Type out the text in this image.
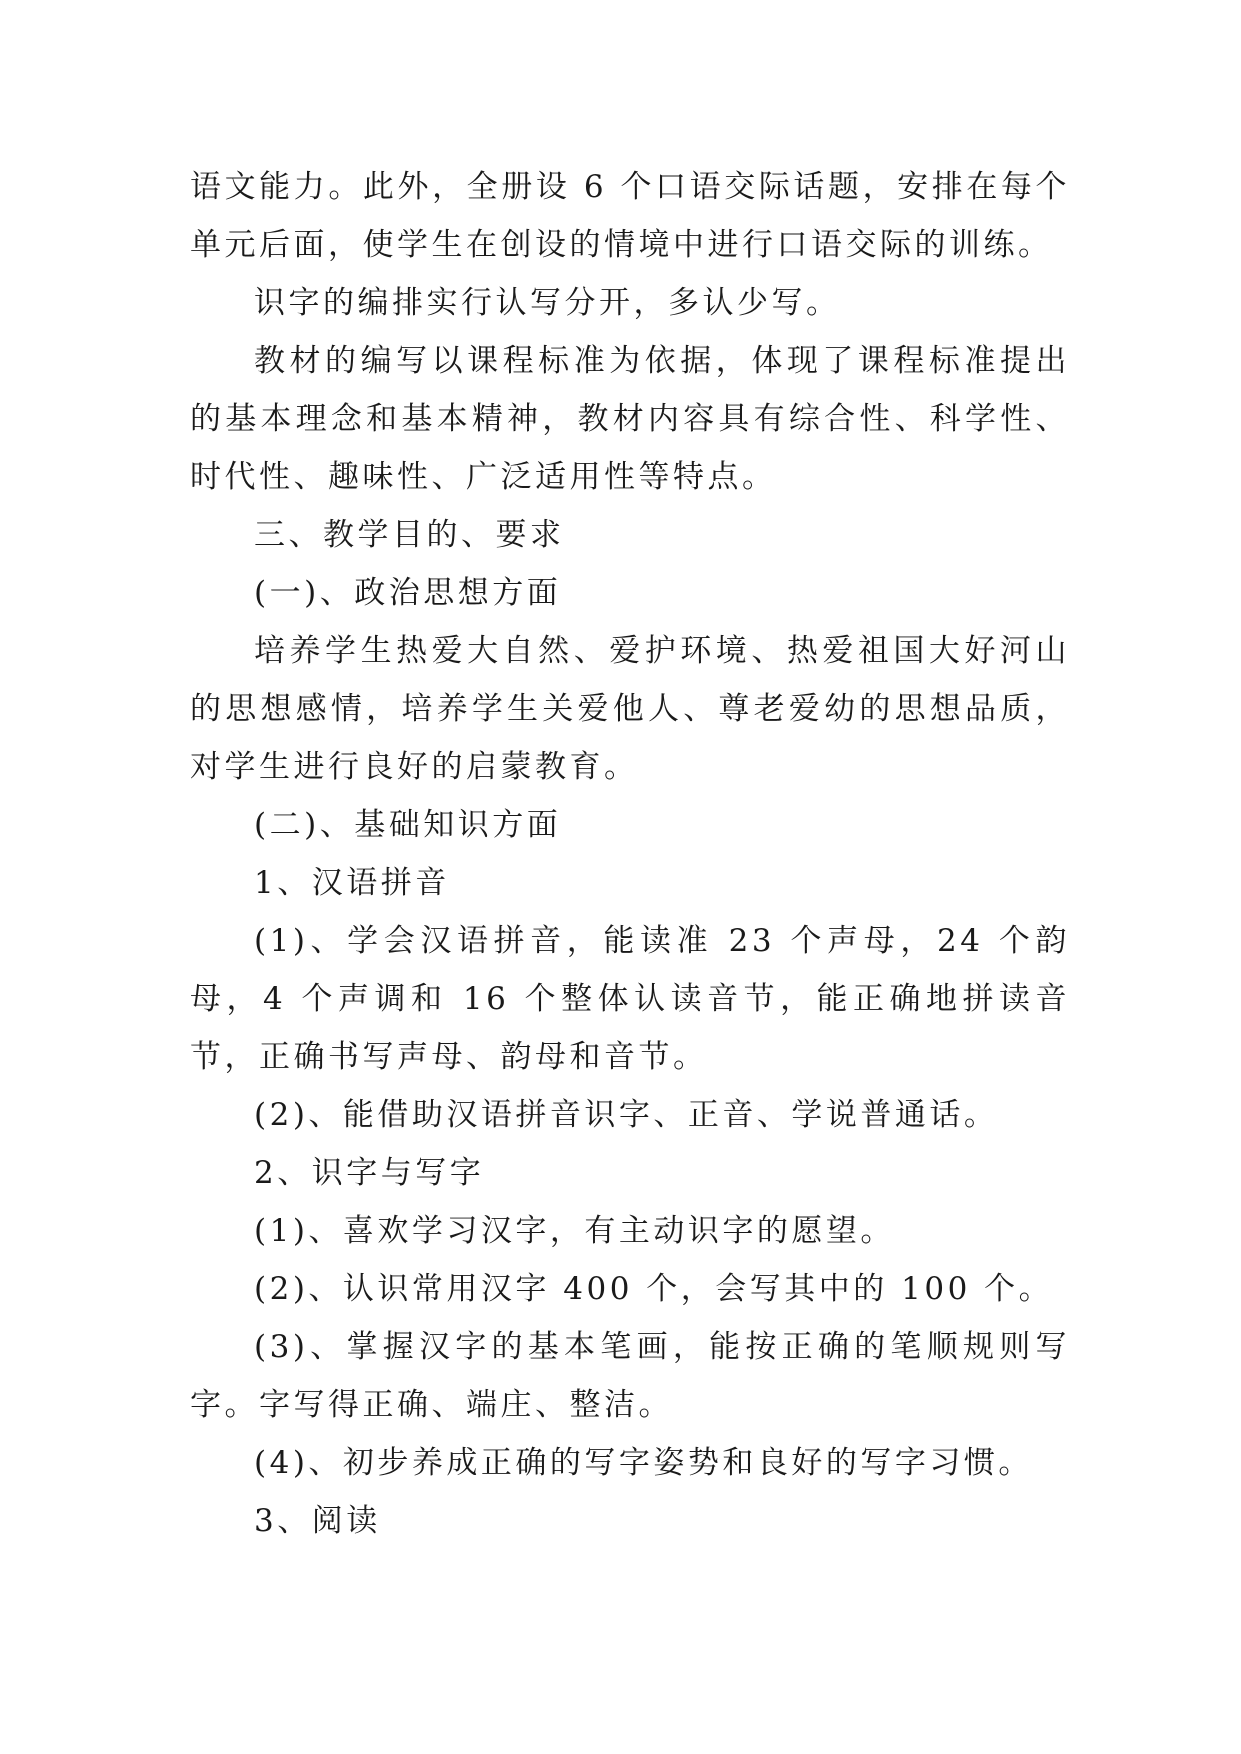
语文能力。此外，全册设 6 个口语交际话题，安排在每个单元后面，使学生在创设的情境中进行口语交际的训练。

识字的编排实行认写分开，多认少写。

教材的编写以课程标准为依据，体现了课程标准提出的基本理念和基本精神，教材内容具有综合性、科学性、时代性、趣味性、广泛适用性等特点。

三、教学目的、要求

(一)、政治思想方面

培养学生热爱大自然、爱护环境、热爱祖国大好河山的思想感情，培养学生关爱他人、尊老爱幼的思想品质，对学生进行良好的启蒙教育。

(二)、基础知识方面

1、汉语拼音

(1)、学会汉语拼音，能读准 23 个声母，24 个韵母，4 个声调和 16 个整体认读音节，能正确地拼读音节，正确书写声母、韵母和音节。

(2)、能借助汉语拼音识字、正音、学说普通话。

2、识字与写字

(1)、喜欢学习汉字，有主动识字的愿望。

(2)、认识常用汉字 400 个，会写其中的 100 个。

(3)、掌握汉字的基本笔画，能按正确的笔顺规则写字。字写得正确、端庄、整洁。

(4)、初步养成正确的写字姿势和良好的写字习惯。

3、阅读
